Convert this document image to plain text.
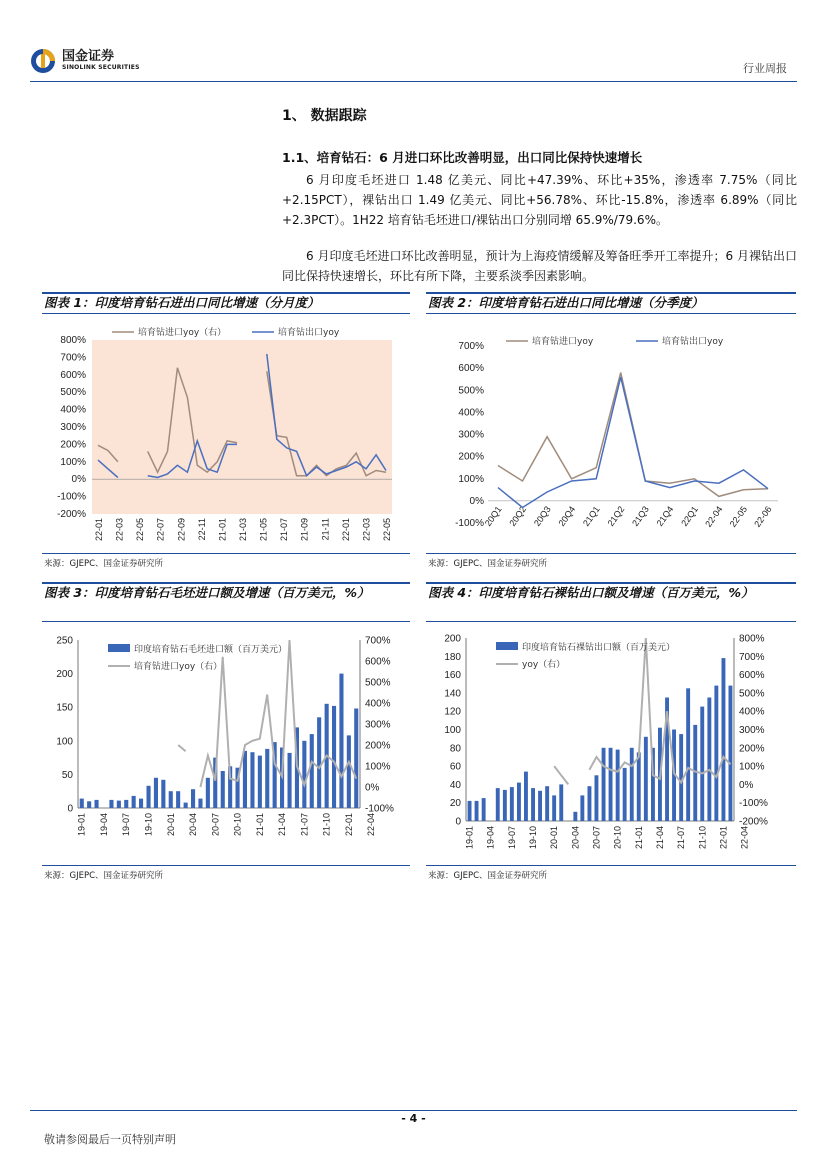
国金证券
SINOLINK SECURITIES	行业周报
1、 数据跟踪
1.1、培育钻石：6 月进口环比改善明显，出口同比保持快速增长
6 月印度毛坯进口 1.48 亿美元、同比+47.39%、环比+35%，渗透率 7.75%（同比+2.15PCT），裸钻出口 1.49 亿美元、同比+56.78%、环比-15.8%，渗透率 6.89%（同比+2.3PCT）。1H22 培育钻毛坯进口/裸钻出口分别同增 65.9%/79.6%。
6 月印度毛坯进口环比改善明显，预计为上海疫情缓解及筹备旺季开工率提升；6 月裸钻出口同比保持快速增长，环比有所下降，主要系淡季因素影响。
图表 1：印度培育钻石进出口同比增速（分月度）
800%
700%
600%
500%
400%
300%
200%
100%
0%
-100%
-200%
22-01 22-03 22-05 22-07 22-09 22-11 21-01 21-03 21-05 21-07 21-09 21-11 22-01 22-03 22-05
培育钻进口yoy（右）	培育钻出口yoy
来源：GJEPC、国金证券研究所
图表 2：印度培育钻石进出口同比增速（分季度）
700%
600%
500%
400%
300%
200%
100%
0%
-100%
20Q1 20Q2 20Q3 20Q4 21Q1 21Q2 21Q3 21Q4 22Q1 22-04 22-05 22-06
培育钻进口yoy	培育钻出口yoy
来源：GJEPC、国金证券研究所
图表 3：印度培育钻石毛坯进口额及增速（百万美元，%）
250
200
150
100
50
0
700%
600%
500%
400%
300%
200%
100%
0%
-100%
19-01 19-04 19-07 19-10 20-01 20-04 20-07 20-10 21-01 21-04 21-07 21-10 22-01 22-04
印度培育钻石毛坯进口额（百万美元）
培育钻进口yoy（右）
来源：GJEPC、国金证券研究所
图表 4：印度培育钻石裸钻出口额及增速（百万美元，%）
200
180
160
140
120
100
80
60
40
20
0
800%
700%
600%
500%
400%
300%
200%
100%
0%
-100%
-200%
19-01 19-04 19-07 19-10 20-01 20-04 20-07 20-10 21-01 21-04 21-07 21-10 22-01 22-04
印度培育钻石裸钻出口额（百万美元）
yoy（右）
来源：GJEPC、国金证券研究所
- 4 -
敬请参阅最后一页特别声明
